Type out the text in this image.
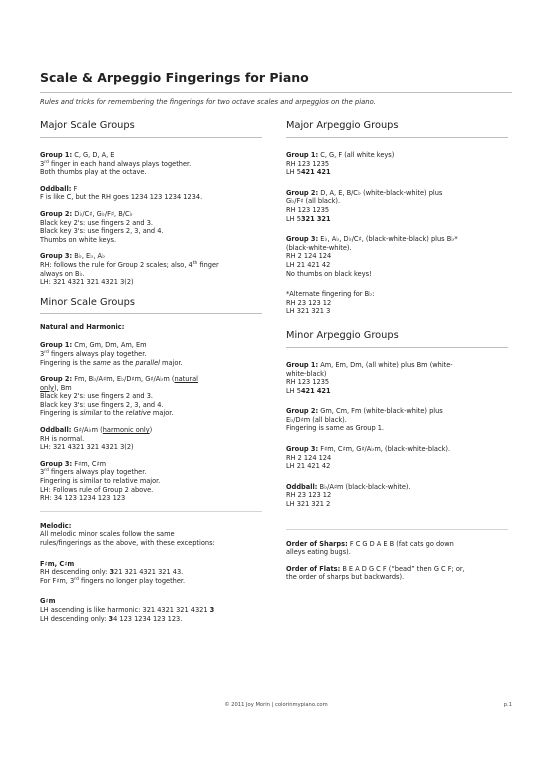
Scale & Arpeggio Fingerings for Piano
Rules and tricks for remembering the fingerings for two octave scales and arpeggios on the piano.
Major Scale Groups

Group 1: C, G, D, A, E

3rd finger in each hand always plays together.

Both thumbs play at the octave.

Oddball: F

F is like C, but the RH goes 1234 123 1234 1234.

Group 2: D♭/C♯, G♭/F♯, B/C♭

Black key 2's: use fingers 2 and 3.

Black key 3's: use fingers 2, 3, and 4.

Thumbs on white keys.

Group 3: B♭, E♭, A♭

RH: follows the rule for Group 2 scales; also, 4th finger

always on B♭.

LH: 321 4321 321 4321 3(2)

Minor Scale Groups

Natural and Harmonic:

Group 1: Cm, Gm, Dm, Am, Em

3rd fingers always play together.

Fingering is the same as the parallel major.

Group 2: Fm, B♭/A♯m, E♭/D♯m, G♯/A♭m (natural

only), Bm

Black key 2's: use fingers 2 and 3.

Black key 3's: use fingers 2, 3, and 4.

Fingering is similar to the relative major.

Oddball: G♯/A♭m (harmonic only)

RH is normal.

LH: 321 4321 321 4321 3(2)

Group 3: F♯m, C♯m

3rd fingers always play together.

Fingering is similar to relative major.

LH: Follows rule of Group 2 above.

RH: 34 123 1234 123 123

Melodic:

All melodic minor scales follow the same

rules/fingerings as the above, with these exceptions:

F♯m, C♯m

RH descending only: 321 321 4321 321 43.

For F♯m, 3rd fingers no longer play together.

G♯m

LH ascending is like harmonic: 321 4321 321 4321 3

LH descending only: 34 123 1234 123 123.

Major Arpeggio Groups

Group 1: C, G, F (all white keys)

RH 123 1235

LH 5421 421

Group 2: D, A, E, B/C♭ (white-black-white) plus

G♭/F♯ (all black).

RH 123 1235

LH 5321 321

Group 3: E♭, A♭, D♭/C♯, (black-white-black) plus B♭*

(black-white-white).

RH 2 124 124

LH 21 421 42

No thumbs on black keys!

*Alternate fingering for B♭:

RH 23 123 12

LH 321 321 3

Minor Arpeggio Groups

Group 1: Am, Em, Dm, (all white) plus Bm (white-

white-black)

RH 123 1235

LH 5421 421

Group 2: Gm, Cm, Fm (white-black-white) plus

E♭/D♯m (all black).

Fingering is same as Group 1.

Group 3: F♯m, C♯m, G♯/A♭m, (black-white-black).

RH 2 124 124

LH 21 421 42

Oddball: B♭/A♯m (black-black-white).

RH 23 123 12

LH 321 321 2

Order of Sharps: F C G D A E B (fat cats go down

alleys eating bugs).

Order of Flats: B E A D G C F (“bead” then G C F; or,

the order of sharps but backwards).

© 2011 Joy Morin | colorinmypiano.com	p.1
